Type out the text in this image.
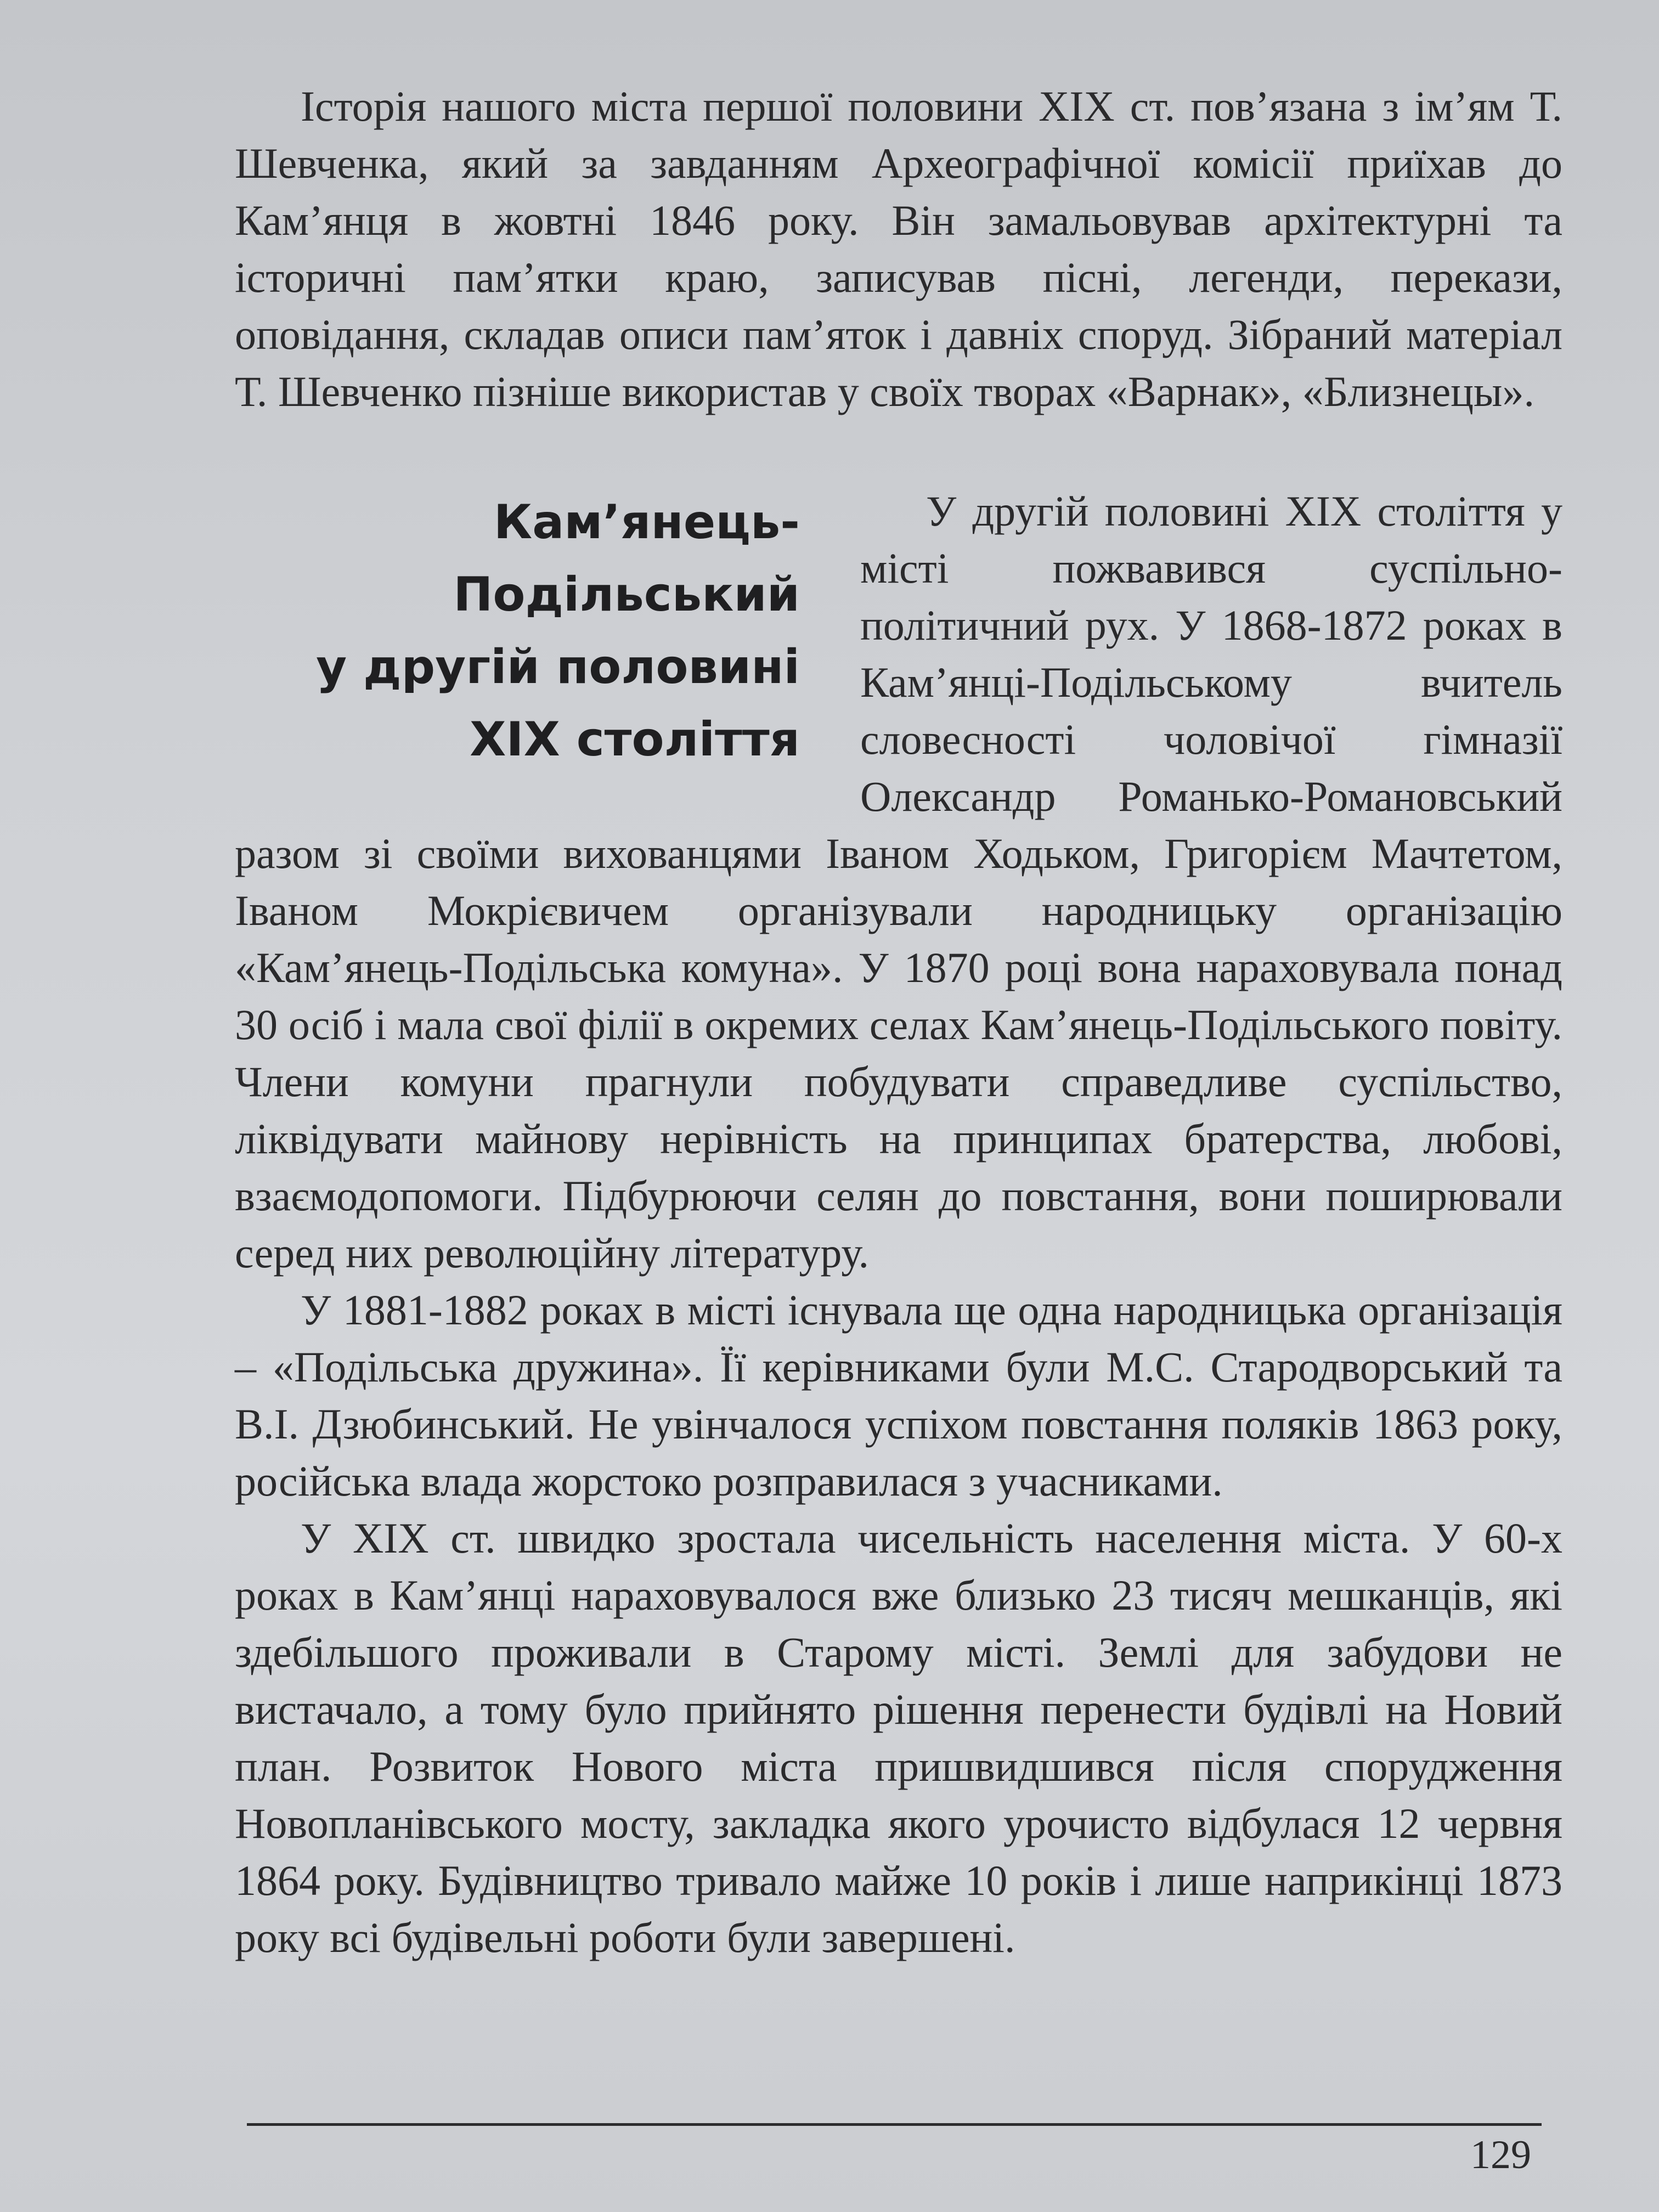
Історія нашого міста першої половини XIX ст. пов’язана з ім’ям Т. Шевченка, який за завданням Археографічної комісії приїхав до Кам’янця в жовтні 1846 року. Він замальовував архітектурні та історичні пам’ятки краю, записував пісні, легенди, перекази, оповідання, складав описи пам’яток і давніх споруд. Зібраний матеріал Т. Шевченко пізніше використав у своїх творах «Варнак», «Близнецы».

Кам’янець-
Подільський
у другій половині
XIX століття

У другій половині XIX століття у місті пожвавився суспільно-політичний рух. У 1868-1872 роках в Кам’янці-Подільському вчитель словесності чоловічої гімназії Олександр Романько-Романовський разом зі своїми вихованцями Іваном Ходьком, Григорієм Мачтетом, Іваном Мокрієвичем організували народницьку організацію «Кам’янець-Подільська комуна». У 1870 році вона нараховувала понад 30 осіб і мала свої філії в окремих селах Кам’янець-Подільського повіту. Члени комуни прагнули побудувати справедливе суспільство, ліквідувати майнову нерівність на принципах братерства, любові, взаємодопомоги. Підбурюючи селян до повстання, вони поширювали серед них революційну літературу.

У 1881-1882 роках в місті існувала ще одна народницька організація – «Подільська дружина». Її керівниками були М.С. Стародворський та В.І. Дзюбинський. Не увінчалося успіхом повстання поляків 1863 року, російська влада жорстоко розправилася з учасниками.

У XIX ст. швидко зростала чисельність населення міста. У 60-х роках в Кам’янці нараховувалося вже близько 23 тисяч мешканців, які здебільшого проживали в Старому місті. Землі для забудови не вистачало, а тому було прийнято рішення перенести будівлі на Новий план. Розвиток Нового міста пришвидшився після спорудження Новопланівського мосту, закладка якого урочисто відбулася 12 червня 1864 року. Будівництво тривало майже 10 років і лише наприкінці 1873 року всі будівельні роботи були завершені.

129
